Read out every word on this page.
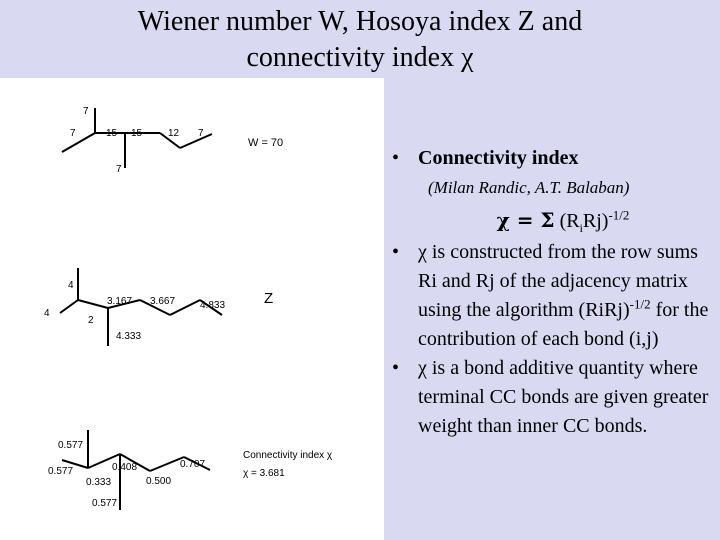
Wiener number W, Hosoya index Z and
connectivity index χ
7
7	15 15	12 7
7
W = 70
4
4
2
3.167 3.667 4.833
4.333
Z
0.577
0.577
0.333
0.408
0.500
0.707
0.577
Connectivity index χ
χ = 3.681
• Connectivity index
(Milan Randic, A.T. Balaban)
χ = Σ $(R_iRj)^{-1/2}$
• χ is constructed from the row sums Ri and Rj of the adjacency matrix using the algorithm (RiRj)$^{-1/2}$ for the contribution of each bond (i,j)
• χ is a bond additive quantity where terminal CC bonds are given greater weight than inner CC bonds.
